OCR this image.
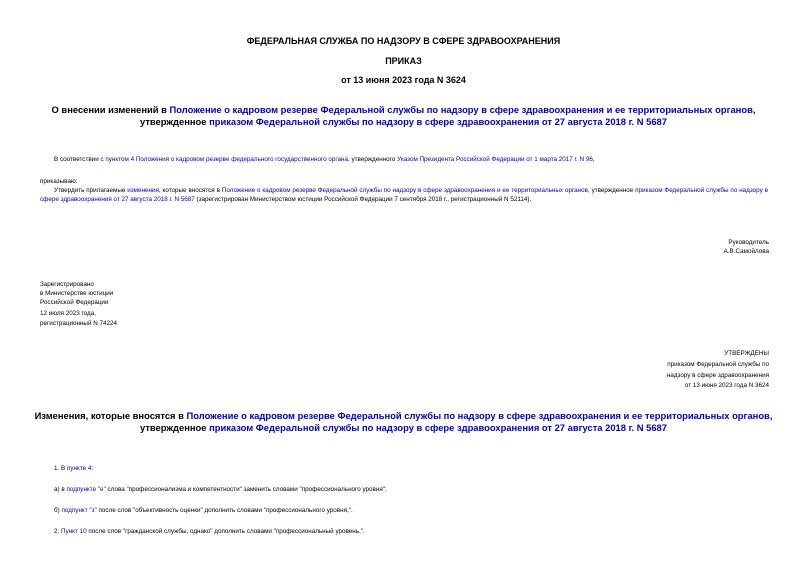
ФЕДЕРАЛЬНАЯ СЛУЖБА ПО НАДЗОРУ В СФЕРЕ ЗДРАВООХРАНЕНИЯ
ПРИКАЗ
от 13 июня 2023 года N 3624
О внесении изменений в Положение о кадровом резерве Федеральной службы по надзору в сфере здравоохранения и ее территориальных органов,
утвержденное приказом Федеральной службы по надзору в сфере здравоохранения от 27 августа 2018 г. N 5687
В соответствии с пунктом 4 Положения о кадровом резерве федерального государственного органа, утвержденного Указом Президента Российской Федерации от 1 марта 2017 г. N 96,
приказываю:
Утвердить прилагаемые изменения, которые вносятся в Положение о кадровом резерве Федеральной службы по надзору в сфере здравоохранения и ее территориальных органов, утвержденное приказом Федеральной службы по надзору в сфере здравоохранения от 27 августа 2018 г. N 5687 (зарегистрирован Министерством юстиции Российской Федерации 7 сентября 2018 г., регистрационный N 52114).
Руководитель
А.В.Самойлова
Зарегистрировано
в Министерстве юстиции
Российской Федерации
12 июля 2023 года,
регистрационный N 74224
УТВЕРЖДЕНЫ
приказом Федеральной службы по
надзору в сфере здравоохранения
от 13 июня 2023 года N 3624
Изменения, которые вносятся в Положение о кадровом резерве Федеральной службы по надзору в сфере здравоохранения и ее территориальных органов,
утвержденное приказом Федеральной службы по надзору в сфере здравоохранения от 27 августа 2018 г. N 5687
1. В пункте 4:
а) в подпункте "е" слова "профессионализма и компетентности" заменить словами "профессионального уровня";
б) подпункт "з" после слов "объективность оценки" дополнить словами "профессионального уровня,".
2. Пункт 10 после слов "гражданской службы, однако" дополнить словами "профессиональный уровень,".
